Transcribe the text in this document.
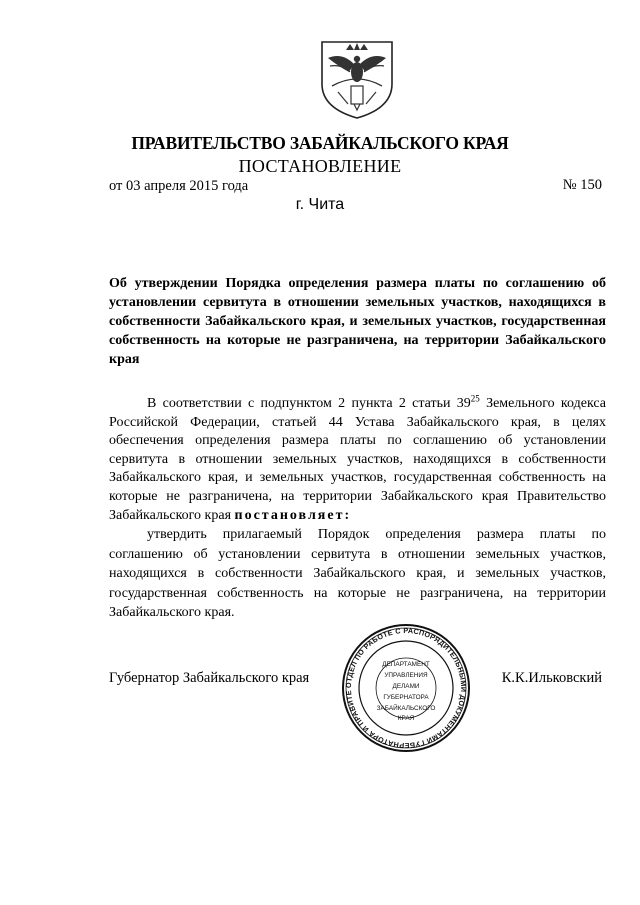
ПРАВИТЕЛЬСТВО ЗАБАЙКАЛЬСКОГО КРАЯ
ПОСТАНОВЛЕНИЕ
от 03 апреля 2015 года	№ 150
г. Чита
Об утверждении Порядка определения размера платы по соглашению об установлении сервитута в отношении земельных участков, находящихся в собственности Забайкальского края, и земельных участков, государственная собственность на которые не разграничена, на территории Забайкальского края
В соответствии с подпунктом 2 пункта 2 статьи $39^{25}$ Земельного кодекса Российской Федерации, статьей 44 Устава Забайкальского края, в целях обеспечения определения размера платы по соглашению об установлении сервитута в отношении земельных участков, находящихся в собственности Забайкальского края, и земельных участков, государственная собственность на которые не разграничена, на территории Забайкальского края Правительство Забайкальского края постановляет:
утвердить прилагаемый Порядок определения размера платы по соглашению об установлении сервитута в отношении земельных участков, находящихся в собственности Забайкальского края, и земельных участков, государственная собственность на которые не разграничена, на территории Забайкальского края.
Губернатор Забайкальского края	К.К.Ильковский
ОТДЕЛ ПО РАБОТЕ С РАСПОРЯДИТЕЛЬНЫМИ ДОКУМЕНТАМИ ГУБЕРНАТОРА И ПРАВИТЕ
ДЕПАРТАМЕНТ
УПРАВЛЕНИЯ
ДЕЛАМИ
ГУБЕРНАТОРА
ЗАБАЙКАЛЬСКОГО
КРАЯ
